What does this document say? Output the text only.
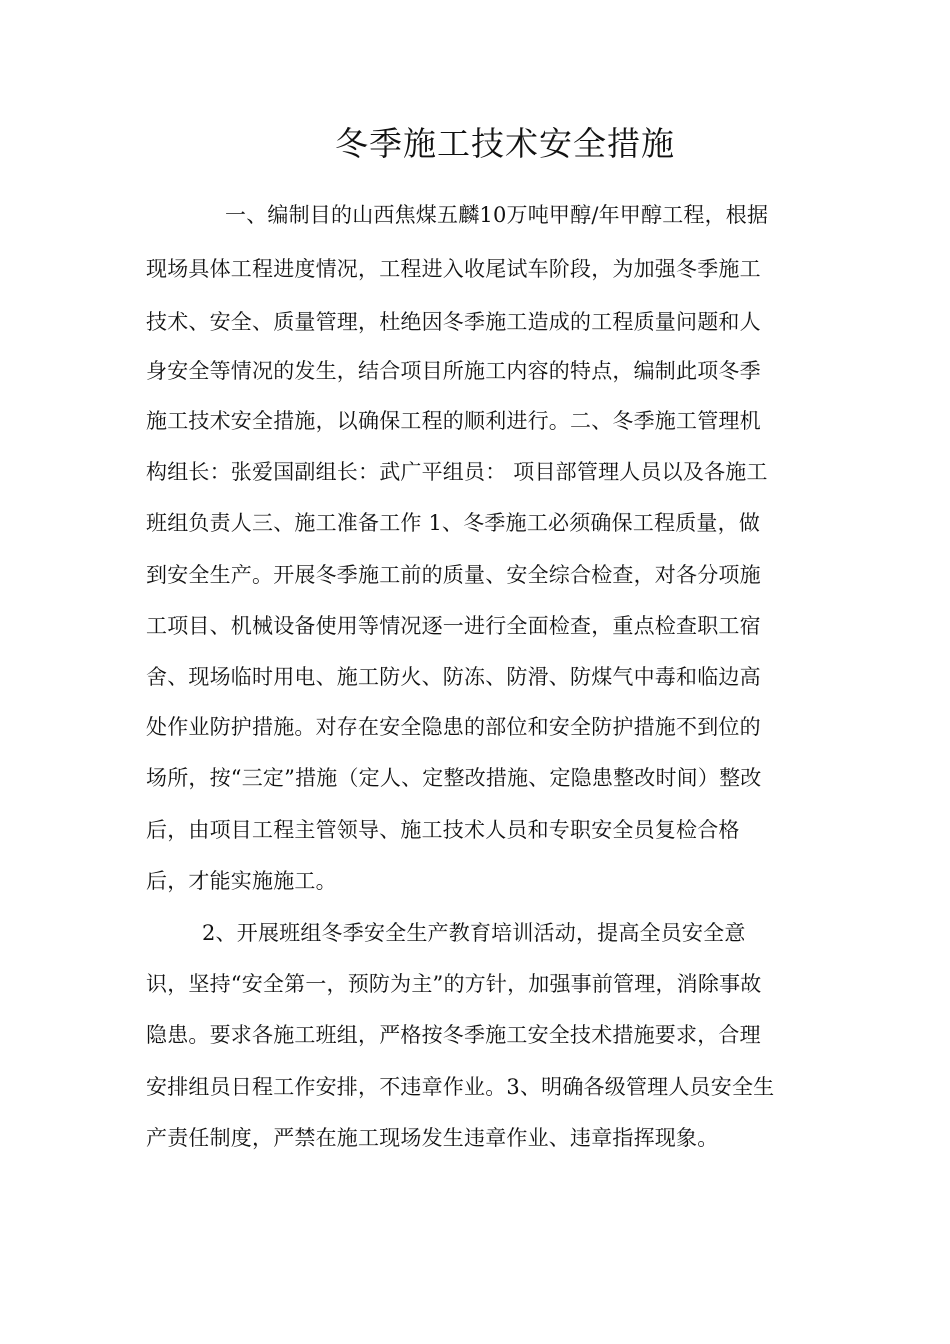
冬季施工技术安全措施
一、编制目的山西焦煤五麟10万吨甲醇/年甲醇工程，根据
现场具体工程进度情况，工程进入收尾试车阶段，为加强冬季施工
技术、安全、质量管理，杜绝因冬季施工造成的工程质量问题和人
身安全等情况的发生，结合项目所施工内容的特点，编制此项冬季
施工技术安全措施，以确保工程的顺利进行。二、冬季施工管理机
构组长：张爱国副组长：武广平组员： 项目部管理人员以及各施工
班组负责人三、施工准备工作 1、冬季施工必须确保工程质量，做
到安全生产。开展冬季施工前的质量、安全综合检查，对各分项施
工项目、机械设备使用等情况逐一进行全面检查，重点检查职工宿
舍、现场临时用电、施工防火、防冻、防滑、防煤气中毒和临边高
处作业防护措施。对存在安全隐患的部位和安全防护措施不到位的
场所，按“三定”措施（定人、定整改措施、定隐患整改时间）整改
后，由项目工程主管领导、施工技术人员和专职安全员复检合格
后，才能实施施工。
2、开展班组冬季安全生产教育培训活动，提高全员安全意
识，坚持“安全第一，预防为主”的方针，加强事前管理，消除事故
隐患。要求各施工班组，严格按冬季施工安全技术措施要求，合理
安排组员日程工作安排，不违章作业。3、明确各级管理人员安全生
产责任制度，严禁在施工现场发生违章作业、违章指挥现象。
